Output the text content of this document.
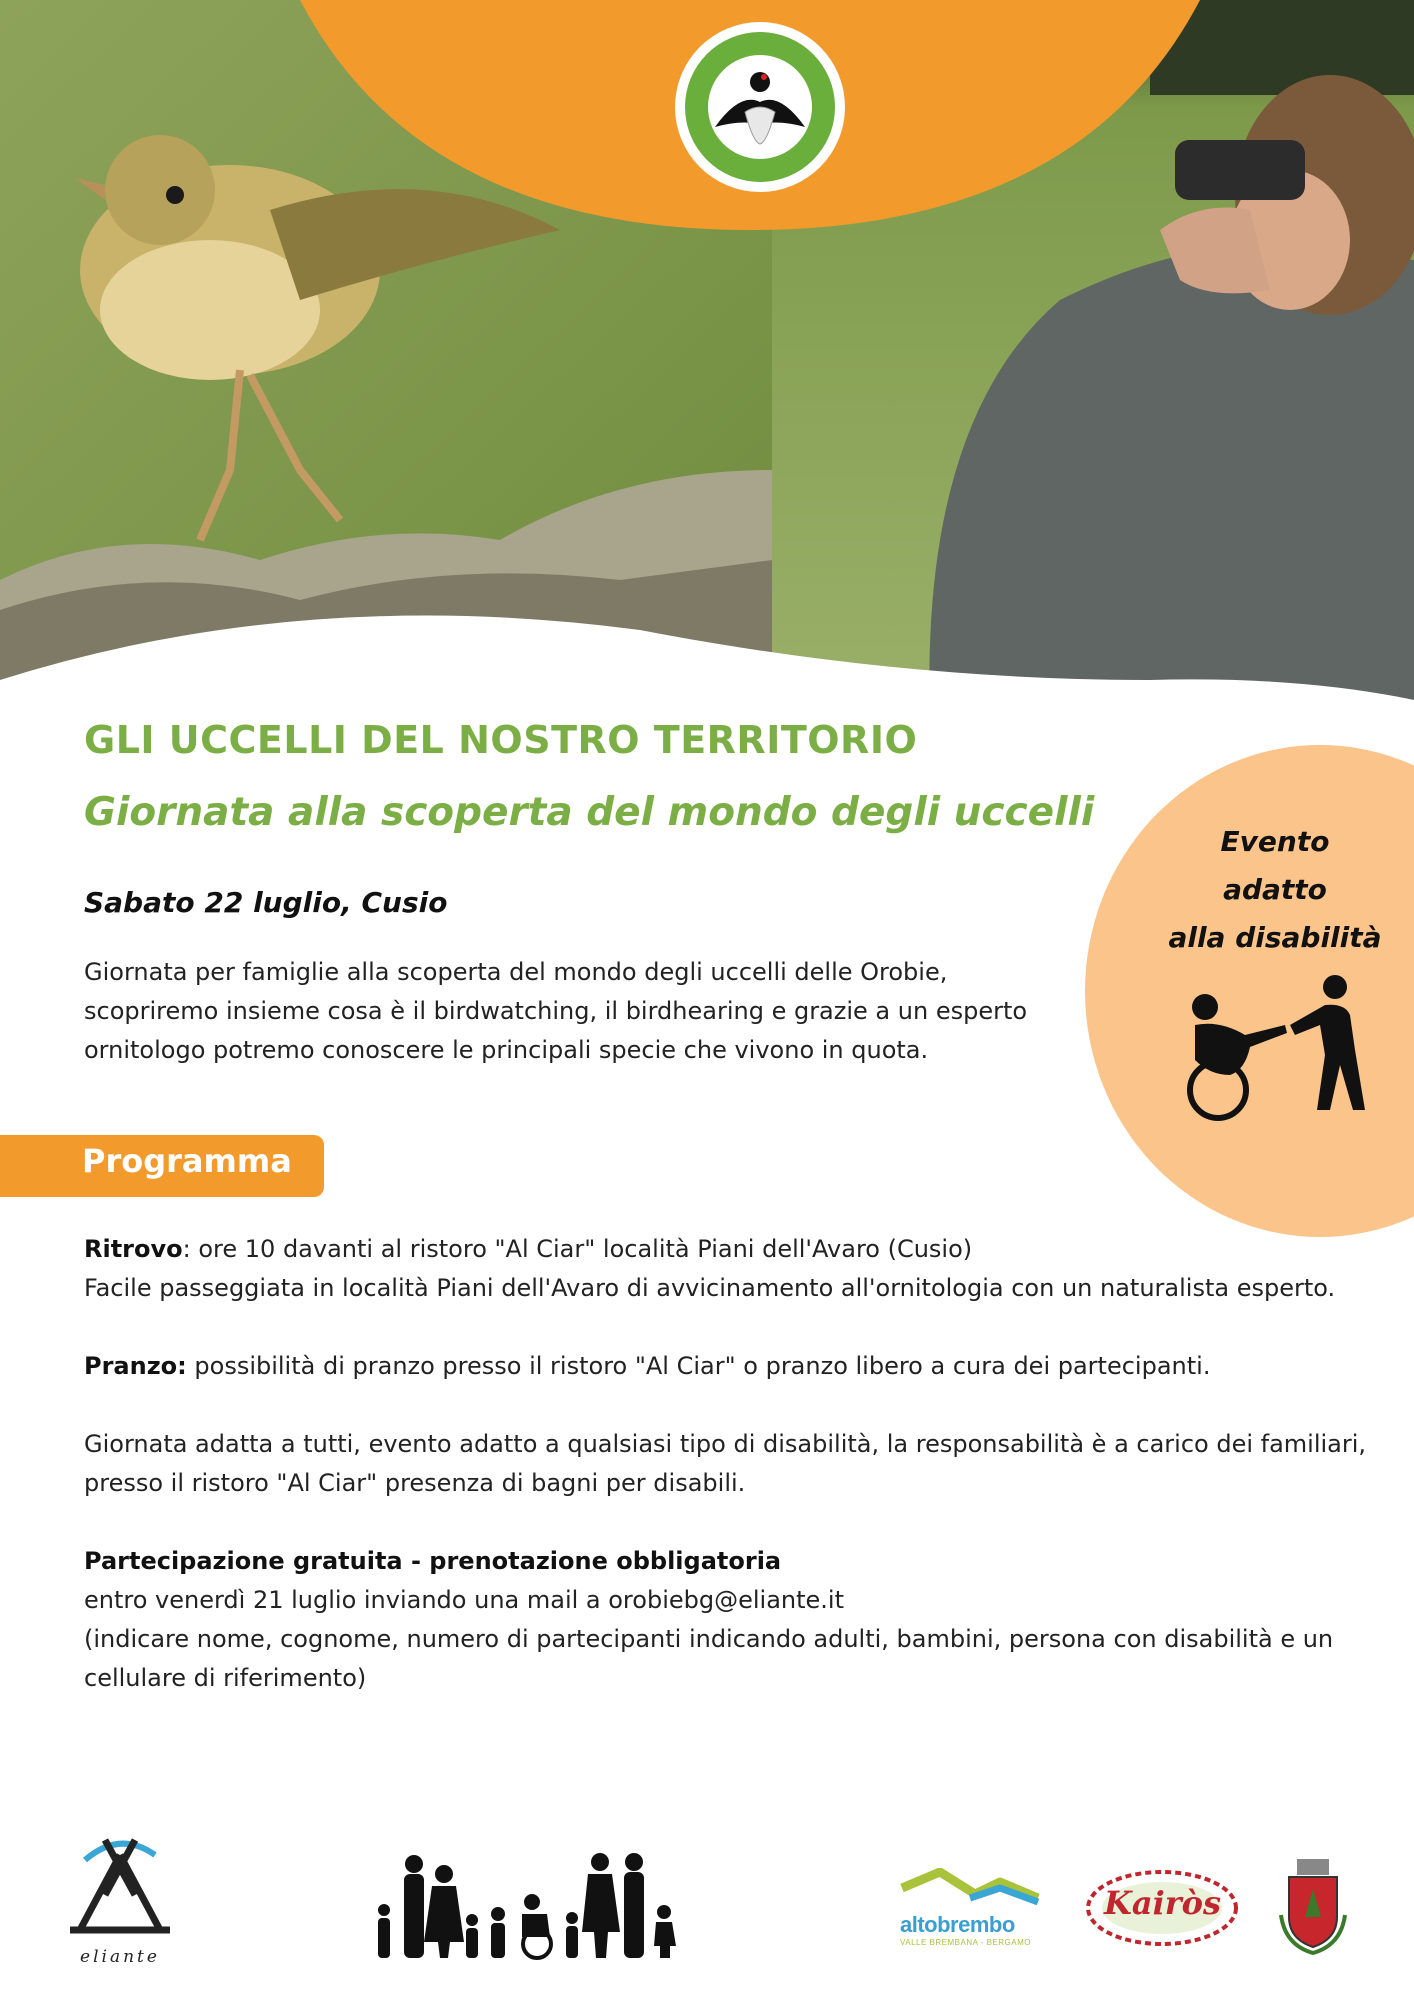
GLI UCCELLI DEL NOSTRO TERRITORIO
Giornata alla scoperta del mondo degli uccelli
Sabato 22 luglio, Cusio
Giornata per famiglie alla scoperta del mondo degli uccelli delle Orobie,
scopriremo insieme cosa è il birdwatching, il birdhearing e grazie a un esperto
ornitologo potremo conoscere le principali specie che vivono in quota.
Evento
adatto
alla disabilità
Programma

Ritrovo: ore 10 davanti al ristoro "Al Ciar" località Piani dell'Avaro (Cusio)
Facile passeggiata in località Piani dell'Avaro di avvicinamento all'ornitologia con un naturalista esperto.

Pranzo: possibilità di pranzo presso il ristoro "Al Ciar" o pranzo libero a cura dei partecipanti.

Giornata adatta a tutti, evento adatto a qualsiasi tipo di disabilità, la responsabilità è a carico dei familiari,
presso il ristoro "Al Ciar" presenza di bagni per disabili.

Partecipazione gratuita - prenotazione obbligatoria
entro venerdì 21 luglio inviando una mail a orobiebg@eliante.it
(indicare nome, cognome, numero di partecipanti indicando adulti, bambini, persona con disabilità e un
cellulare di riferimento)

eliante
altobrembo
VALLE BREMBANA - BERGAMO
Kairòs
